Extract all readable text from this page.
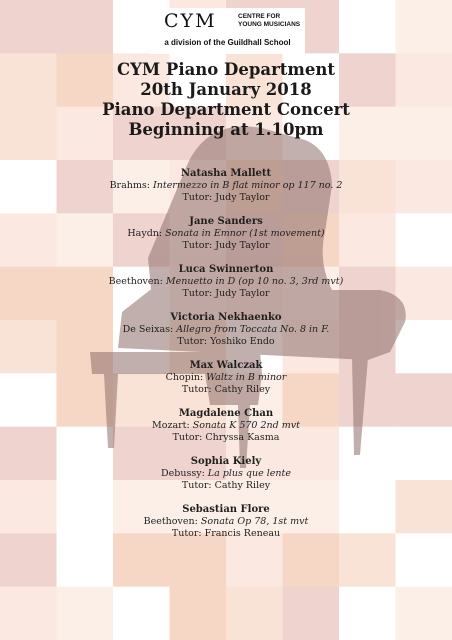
CYM	CENTRE FOR
YOUNG MUSICIANS
a division of the Guildhall School
CYM Piano Department
20th January 2018
Piano Department Concert
Beginning at 1.10pm
Natasha Mallett
Brahms: Intermezzo in B flat minor op 117 no. 2
Tutor: Judy Taylor
Jane Sanders
Haydn: Sonata in Emnor (1st movement)
Tutor: Judy Taylor
Luca Swinnerton
Beethoven: Menuetto in D (op 10 no. 3, 3rd mvt)
Tutor: Judy Taylor
Victoria Nekhaenko
De Seixas: Allegro from Toccata No. 8 in F.
Tutor: Yoshiko Endo
Max Walczak
Chopin: Waltz in B minor
Tutor: Cathy Riley
Magdalene Chan
Mozart: Sonata K 570 2nd mvt
Tutor: Chryssa Kasma
Sophia Kiely
Debussy: La plus que lente
Tutor: Cathy Riley
Sebastian Flore
Beethoven: Sonata Op 78, 1st mvt
Tutor: Francis Reneau
